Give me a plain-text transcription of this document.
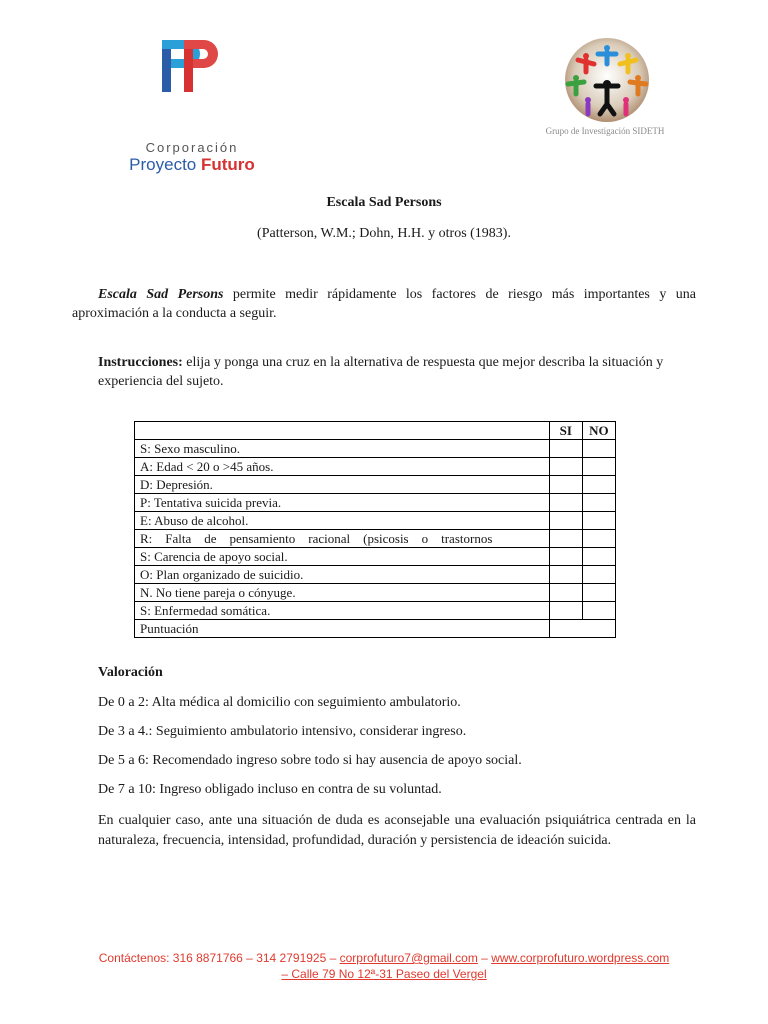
Corporación
Proyecto Futuro
Grupo de Investigación SIDETH
Escala Sad Persons
(Patterson, W.M.; Dohn, H.H. y otros (1983).
Escala Sad Persons permite medir rápidamente los factores de riesgo más importantes y una aproximación a la conducta a seguir.
Instrucciones: elija y ponga una cruz en la alternativa de respuesta que mejor describa la situación y experiencia del sujeto.
	SI	NO
S: Sexo masculino.		
A: Edad < 20 o >45 años.		
D: Depresión.		
P: Tentativa suicida previa.		
E: Abuso de alcohol.		
R:    Falta    de    pensamiento    racional    (psicosis    o    trastornos		
S: Carencia de apoyo social.		
O: Plan organizado de suicidio.		
N. No tiene pareja o cónyuge.		
S: Enfermedad somática.		
Puntuación		
Valoración
De 0 a 2: Alta médica al domicilio con seguimiento ambulatorio.
De 3 a 4.: Seguimiento ambulatorio intensivo, considerar ingreso.
De 5 a 6: Recomendado ingreso sobre todo si hay ausencia de apoyo social.
De 7 a 10: Ingreso obligado incluso en contra de su voluntad.
En cualquier caso, ante una situación de duda es aconsejable una evaluación psiquiátrica centrada en la naturaleza, frecuencia, intensidad, profundidad, duración y persistencia de ideación suicida.
Contáctenos: 316 8871766 – 314 2791925 – corprofuturo7@gmail.com – www.corprofuturo.wordpress.com
– Calle 79 No 12ª-31 Paseo del Vergel
